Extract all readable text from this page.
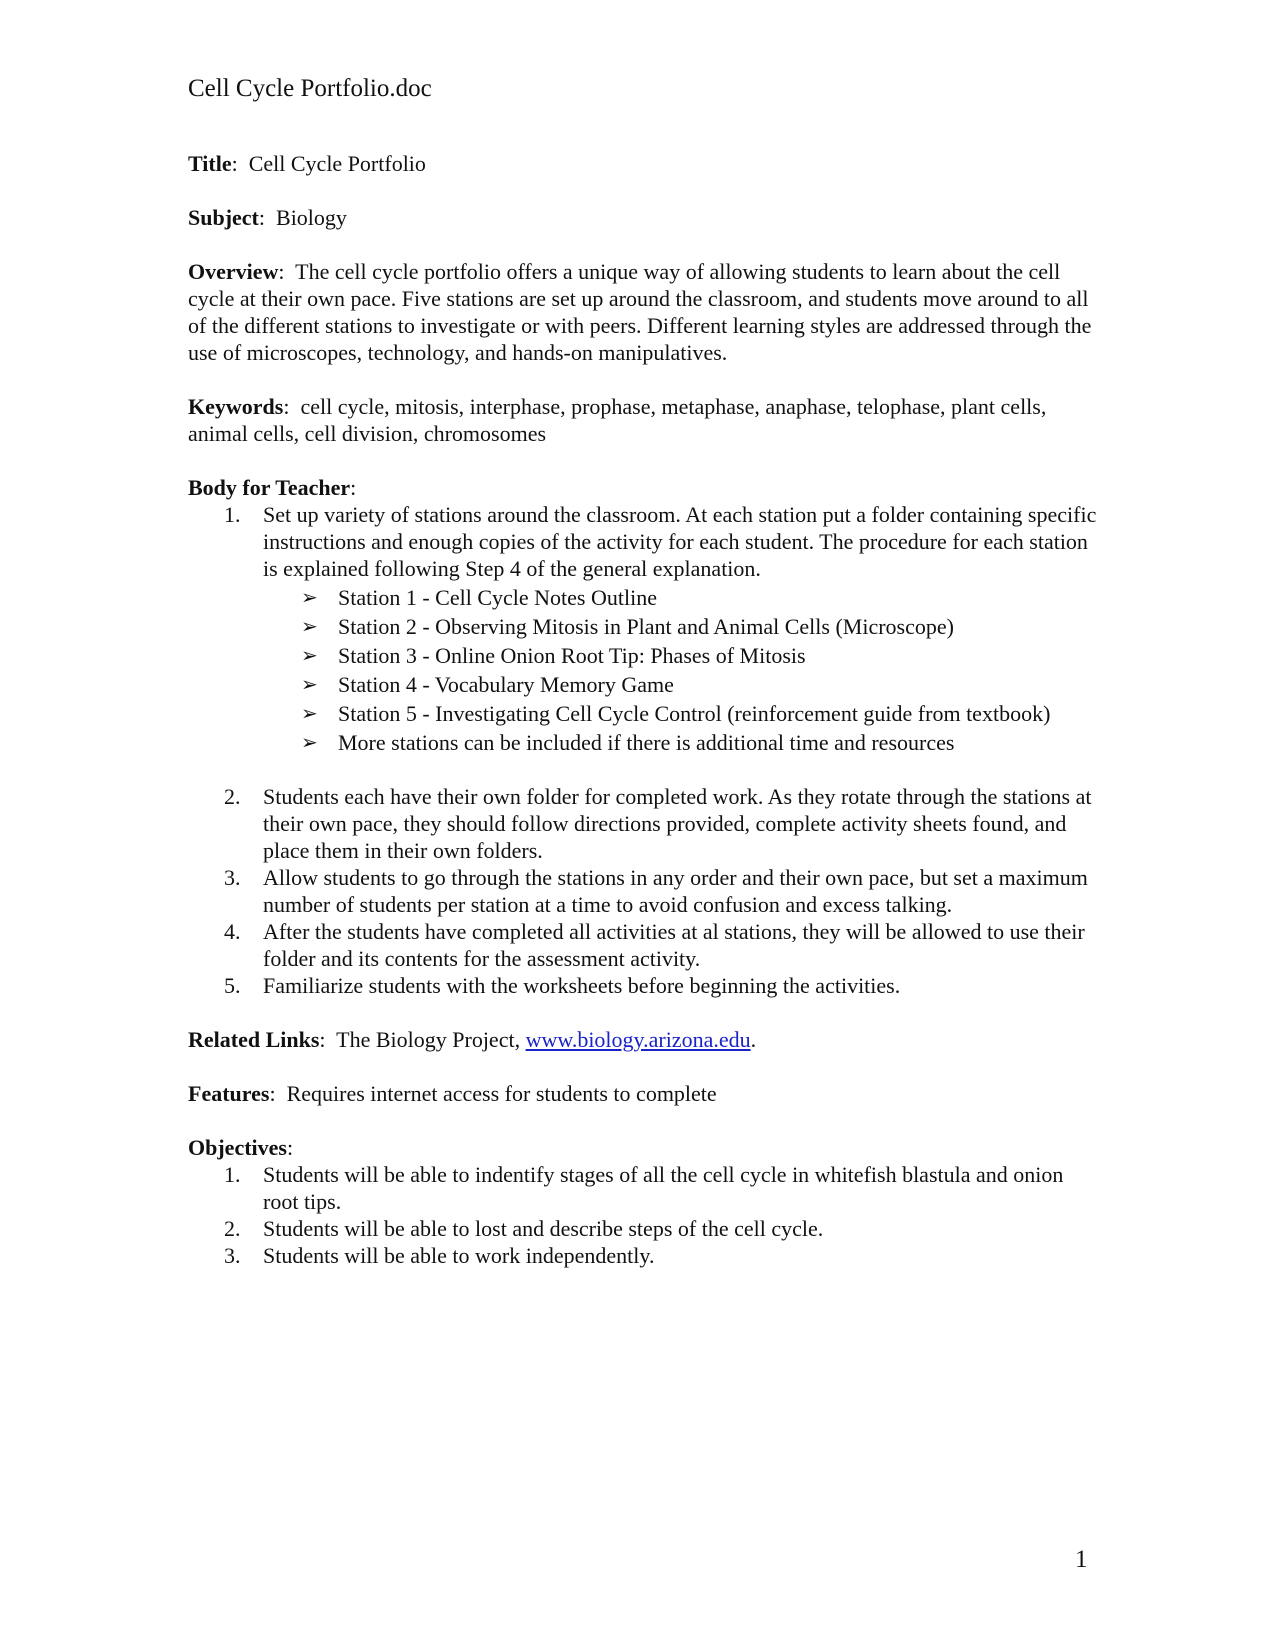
Cell Cycle Portfolio.doc

Title: Cell Cycle Portfolio

Subject: Biology

Overview: The cell cycle portfolio offers a unique way of allowing students to learn about the cell cycle at their own pace. Five stations are set up around the classroom, and students move around to all of the different stations to investigate or with peers. Different learning styles are addressed through the use of microscopes, technology, and hands-on manipulatives.

Keywords: cell cycle, mitosis, interphase, prophase, metaphase, anaphase, telophase, plant cells, animal cells, cell division, chromosomes

Body for Teacher:

1. Set up variety of stations around the classroom. At each station put a folder containing specific instructions and enough copies of the activity for each student. The procedure for each station is explained following Step 4 of the general explanation.
➢ Station 1 - Cell Cycle Notes Outline
➢ Station 2 - Observing Mitosis in Plant and Animal Cells (Microscope)
➢ Station 3 - Online Onion Root Tip: Phases of Mitosis
➢ Station 4 - Vocabulary Memory Game
➢ Station 5 - Investigating Cell Cycle Control (reinforcement guide from textbook)
➢ More stations can be included if there is additional time and resources
2. Students each have their own folder for completed work. As they rotate through the stations at their own pace, they should follow directions provided, complete activity sheets found, and place them in their own folders.
3. Allow students to go through the stations in any order and their own pace, but set a maximum number of students per station at a time to avoid confusion and excess talking.
4. After the students have completed all activities at al stations, they will be allowed to use their folder and its contents for the assessment activity.
5. Familiarize students with the worksheets before beginning the activities.

Related Links: The Biology Project, www.biology.arizona.edu.

Features: Requires internet access for students to complete

Objectives:

1. Students will be able to indentify stages of all the cell cycle in whitefish blastula and onion root tips.
2. Students will be able to lost and describe steps of the cell cycle.
3. Students will be able to work independently.
1
